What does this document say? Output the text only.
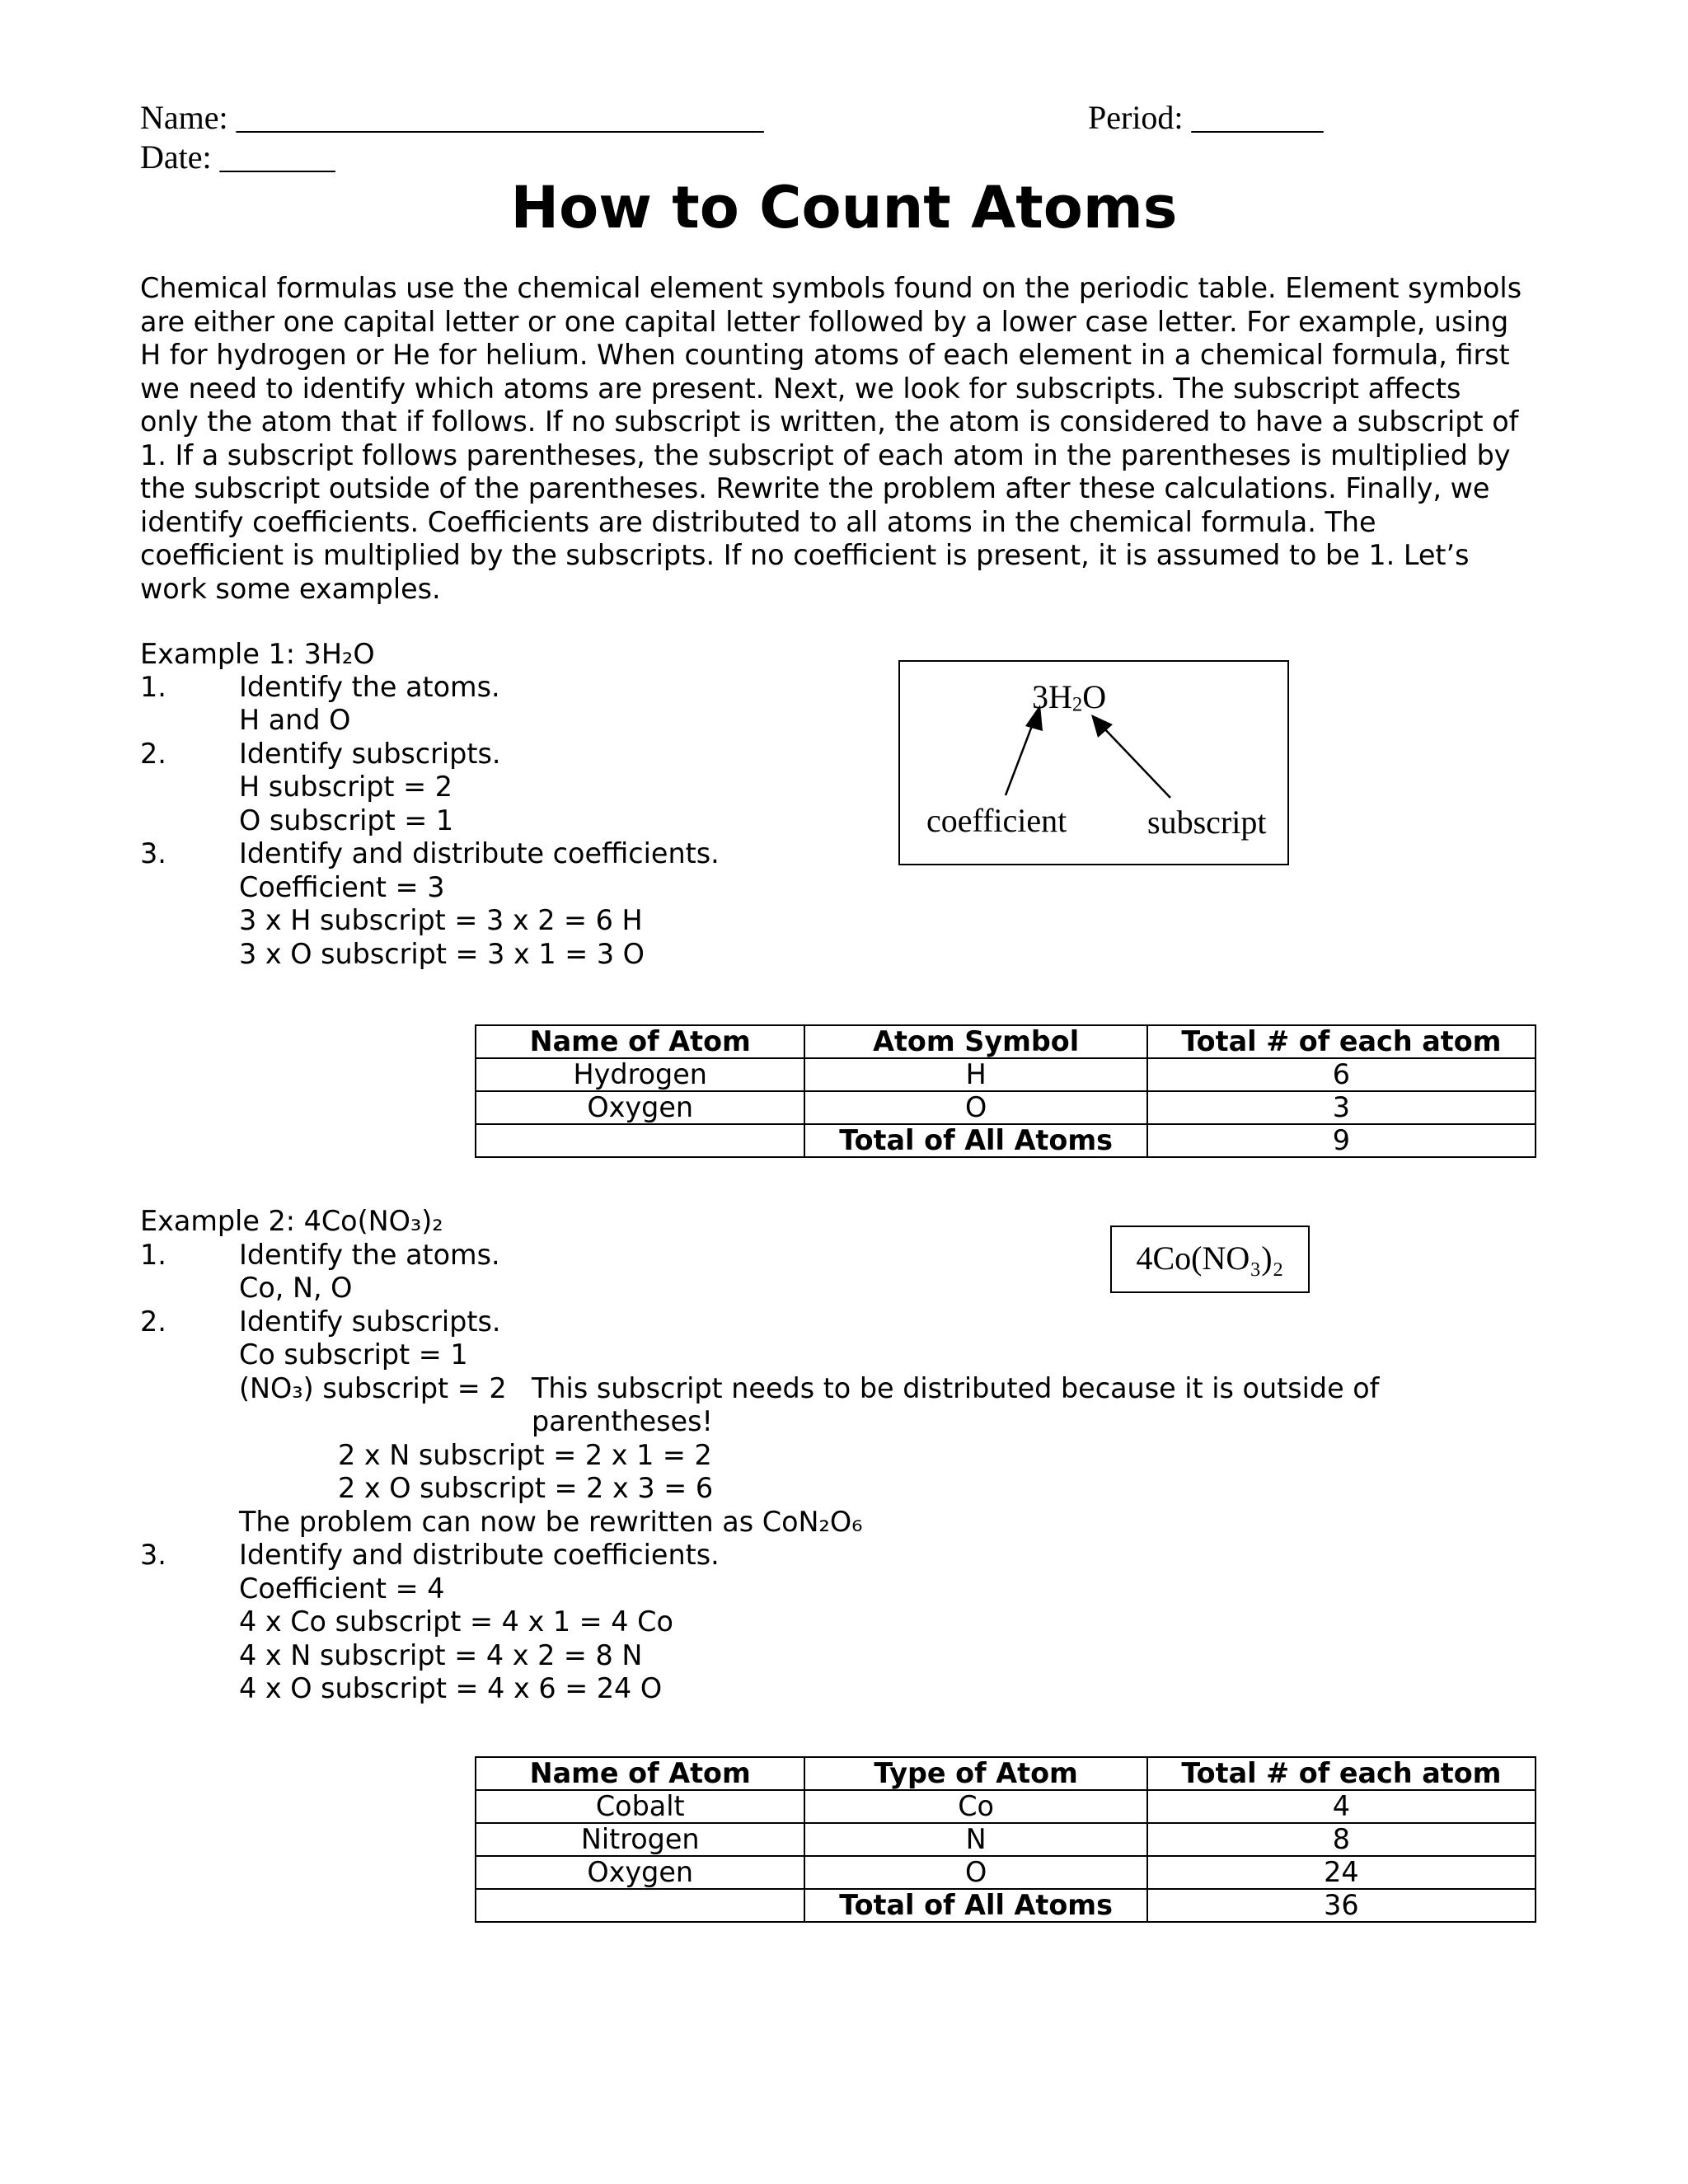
Name: ________________________________	Period: ________
Date: _______
How to Count Atoms
Chemical formulas use the chemical element symbols found on the periodic table. Element symbols
are either one capital letter or one capital letter followed by a lower case letter. For example, using
H for hydrogen or He for helium. When counting atoms of each element in a chemical formula, first
we need to identify which atoms are present. Next, we look for subscripts. The subscript affects
only the atom that if follows. If no subscript is written, the atom is considered to have a subscript of
1. If a subscript follows parentheses, the subscript of each atom in the parentheses is multiplied by
the subscript outside of the parentheses. Rewrite the problem after these calculations. Finally, we
identify coefficients. Coefficients are distributed to all atoms in the chemical formula. The
coefficient is multiplied by the subscripts. If no coefficient is present, it is assumed to be 1. Let’s
work some examples.
Example 1: 3H₂O
1.	Identify the atoms.
H and O
2.	Identify subscripts.
H subscript = 2
O subscript = 1
3.	Identify and distribute coefficients.
Coefficient = 3
3 x H subscript = 3 x 2 = 6 H
3 x O subscript = 3 x 1 = 3 O
$3H_2O$
coefficient subscript
Name of Atom	Atom Symbol	Total # of each atom
Hydrogen	H	6
Oxygen	O	3
	Total of All Atoms	9
Example 2: 4Co(NO₃)₂
1.	Identify the atoms.
Co, N, O
2.	Identify subscripts.
Co subscript = 1
(NO₃) subscript = 2 This subscript needs to be distributed because it is outside of
parentheses!
2 x N subscript = 2 x 1 = 2
2 x O subscript = 2 x 3 = 6
The problem can now be rewritten as CoN₂O₆
3.	Identify and distribute coefficients.
Coefficient = 4
4 x Co subscript = 4 x 1 = 4 Co
4 x N subscript = 4 x 2 = 8 N
4 x O subscript = 4 x 6 = 24 O
4Co(NO₃)₂
Name of Atom	Type of Atom	Total # of each atom
Cobalt	Co	4
Nitrogen	N	8
Oxygen	O	24
	Total of All Atoms	36
